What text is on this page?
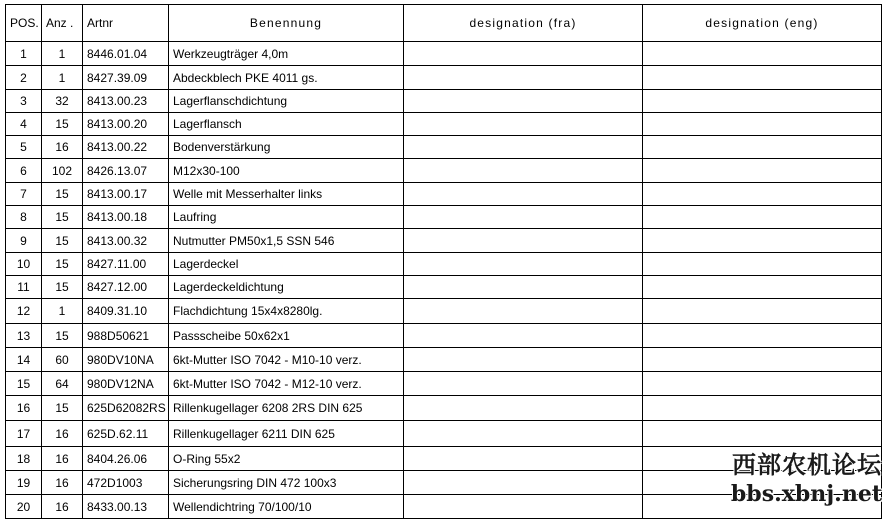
POS.	Anz .	Artnr	Benennung	designation (fra)	designation (eng)
1	1	8446.01.04	Werkzeugträger 4,0m		
2	1	8427.39.09	Abdeckblech PKE 4011 gs.		
3	32	8413.00.23	Lagerflanschdichtung		
4	15	8413.00.20	Lagerflansch		
5	16	8413.00.22	Bodenverstärkung		
6	102	8426.13.07	M12x30-100		
7	15	8413.00.17	Welle mit Messerhalter links		
8	15	8413.00.18	Laufring		
9	15	8413.00.32	Nutmutter PM50x1,5 SSN 546		
10	15	8427.11.00	Lagerdeckel		
11	15	8427.12.00	Lagerdeckeldichtung		
12	1	8409.31.10	Flachdichtung 15x4x8280lg.		
13	15	988D50621	Passscheibe 50x62x1		
14	60	980DV10NA	6kt-Mutter ISO 7042 - M10-10 verz.		
15	64	980DV12NA	6kt-Mutter ISO 7042 - M12-10 verz.		
16	15	625D62082RS	Rillenkugellager 6208 2RS DIN 625		
17	16	625D.62.11	Rillenkugellager 6211 DIN 625		
18	16	8404.26.06	O-Ring 55x2		
19	16	472D1003	Sicherungsring DIN 472 100x3		
20	16	8433.00.13	Wellendichtring 70/100/10		
西部农机论坛
bbs.xbnj.net
